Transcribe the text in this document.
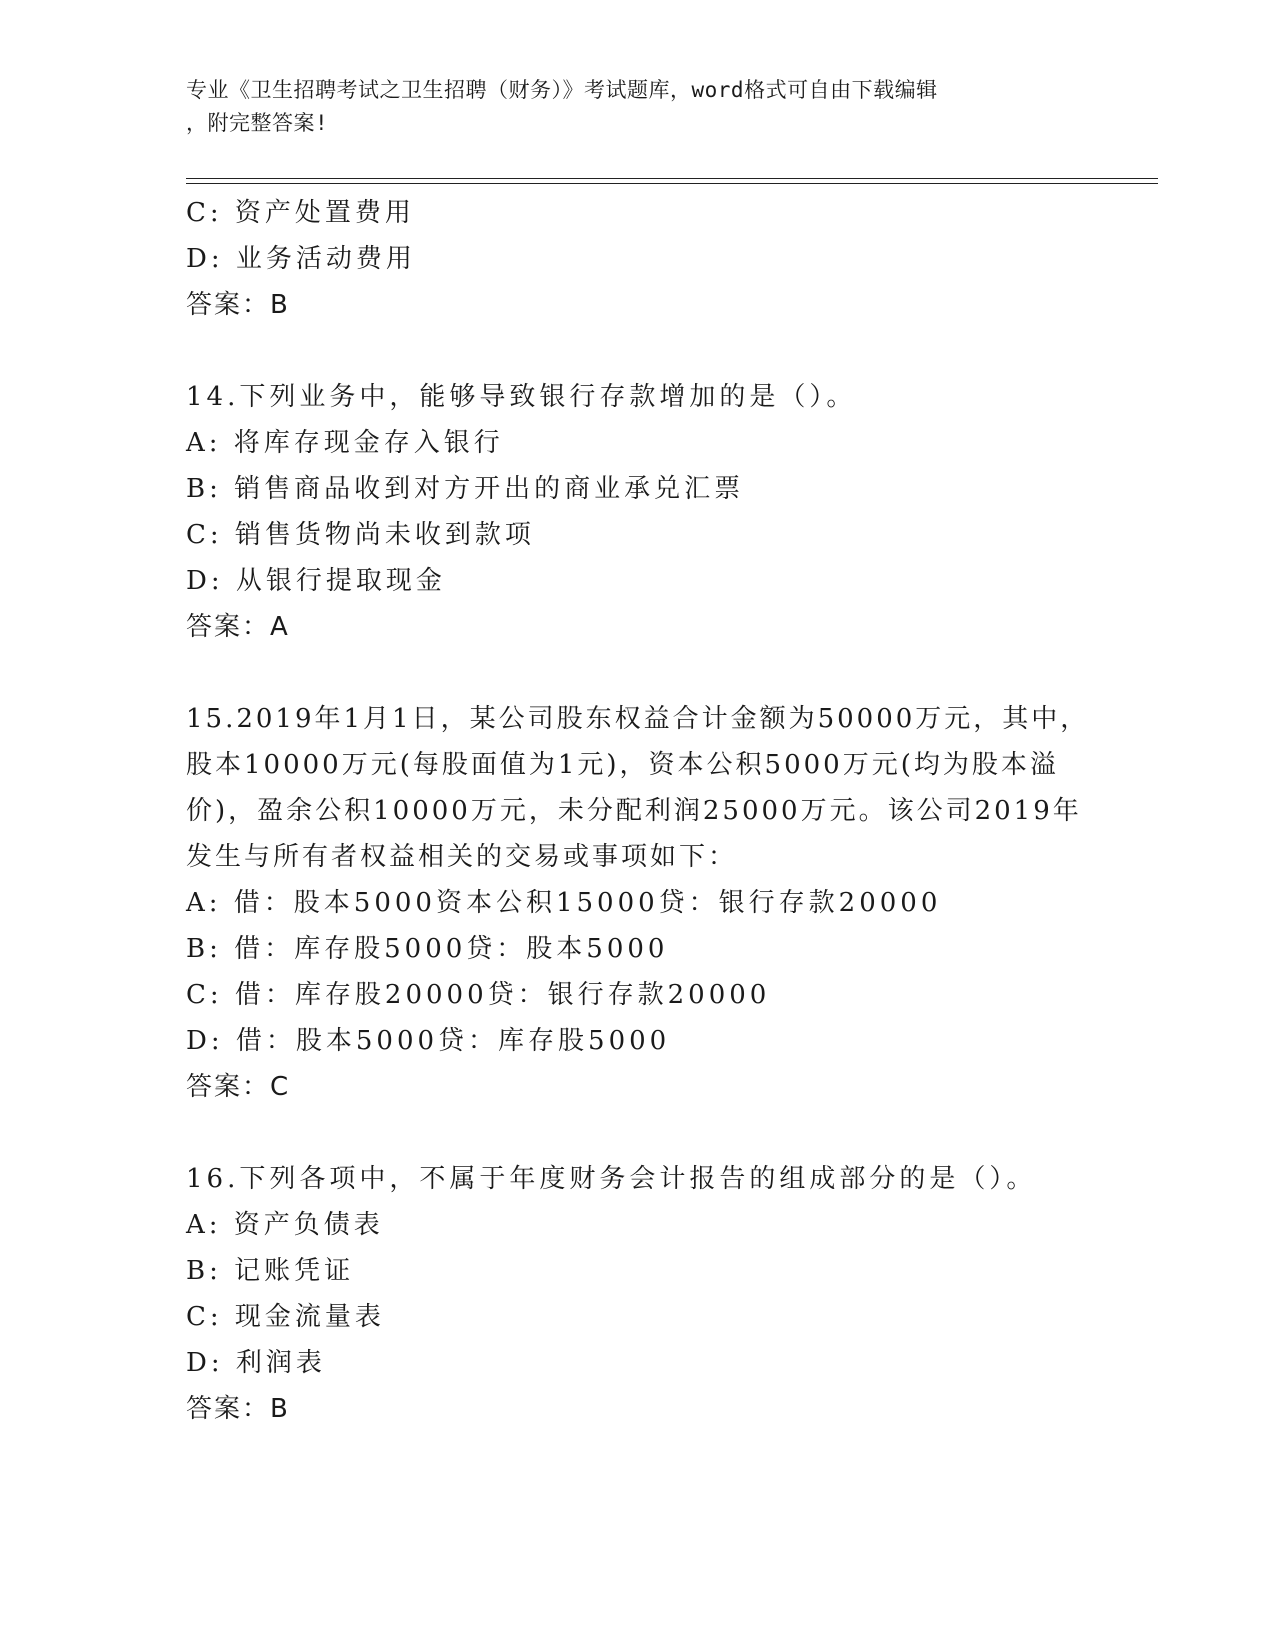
专业《卫生招聘考试之卫生招聘（财务）》考试题库，word格式可自由下载编辑
，附完整答案!
C: 资产处置费用
D: 业务活动费用
答案：B
14.下列业务中，能够导致银行存款增加的是（）。
A: 将库存现金存入银行
B: 销售商品收到对方开出的商业承兑汇票
C: 销售货物尚未收到款项
D: 从银行提取现金
答案：A
15.2019年1月1日，某公司股东权益合计金额为50000万元，其中，
股本10000万元(每股面值为1元)，资本公积5000万元(均为股本溢
价)，盈余公积10000万元，未分配利润25000万元。该公司2019年
发生与所有者权益相关的交易或事项如下：
A: 借：股本5000资本公积15000贷：银行存款20000
B: 借：库存股5000贷：股本5000
C: 借：库存股20000贷：银行存款20000
D: 借：股本5000贷：库存股5000
答案：C
16.下列各项中，不属于年度财务会计报告的组成部分的是（）。
A: 资产负债表
B: 记账凭证
C: 现金流量表
D: 利润表
答案：B
